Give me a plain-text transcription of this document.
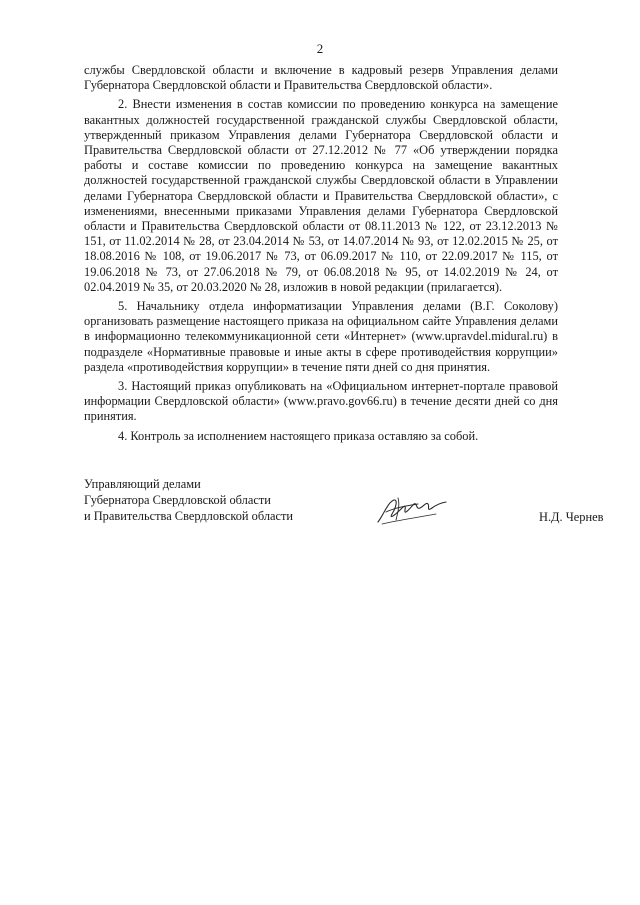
2

службы Свердловской области и включение в кадровый резерв Управления делами Губернатора Свердловской области и Правительства Свердловской области».

2. Внести изменения в состав комиссии по проведению конкурса на замещение вакантных должностей государственной гражданской службы Свердловской области, утвержденный приказом Управления делами Губернатора Свердловской области и Правительства Свердловской области от 27.12.2012 № 77 «Об утверждении порядка работы и составе комиссии по проведению конкурса на замещение вакантных должностей государственной гражданской службы Свердловской области в Управлении делами Губернатора Свердловской области и Правительства Свердловской области», с изменениями, внесенными приказами Управления делами Губернатора Свердловской области и Правительства Свердловской области от 08.11.2013 № 122, от 23.12.2013 № 151, от 11.02.2014 № 28, от 23.04.2014 № 53, от 14.07.2014 № 93, от 12.02.2015 № 25, от 18.08.2016 № 108, от 19.06.2017 № 73, от 06.09.2017 № 110, от 22.09.2017 № 115, от 19.06.2018 № 73, от 27.06.2018 № 79, от 06.08.2018 № 95, от 14.02.2019 № 24, от 02.04.2019 № 35, от 20.03.2020 № 28, изложив в новой редакции (прилагается).

5. Начальнику отдела информатизации Управления делами (В.Г. Соколову) организовать размещение настоящего приказа на официальном сайте Управления делами в информационно телекоммуникационной сети «Интернет» (www.upravdel.midural.ru) в подразделе «Нормативные правовые и иные акты в сфере противодействия коррупции» раздела «противодействия коррупции» в течение пяти дней со дня принятия.

3. Настоящий приказ опубликовать на «Официальном интернет-портале правовой информации Свердловской области» (www.pravo.gov66.ru) в течение десяти дней со дня принятия.

4. Контроль за исполнением настоящего приказа оставляю за собой.

Управляющий делами
Губернатора Свердловской области
и Правительства Свердловской области	Н.Д. Чернев
